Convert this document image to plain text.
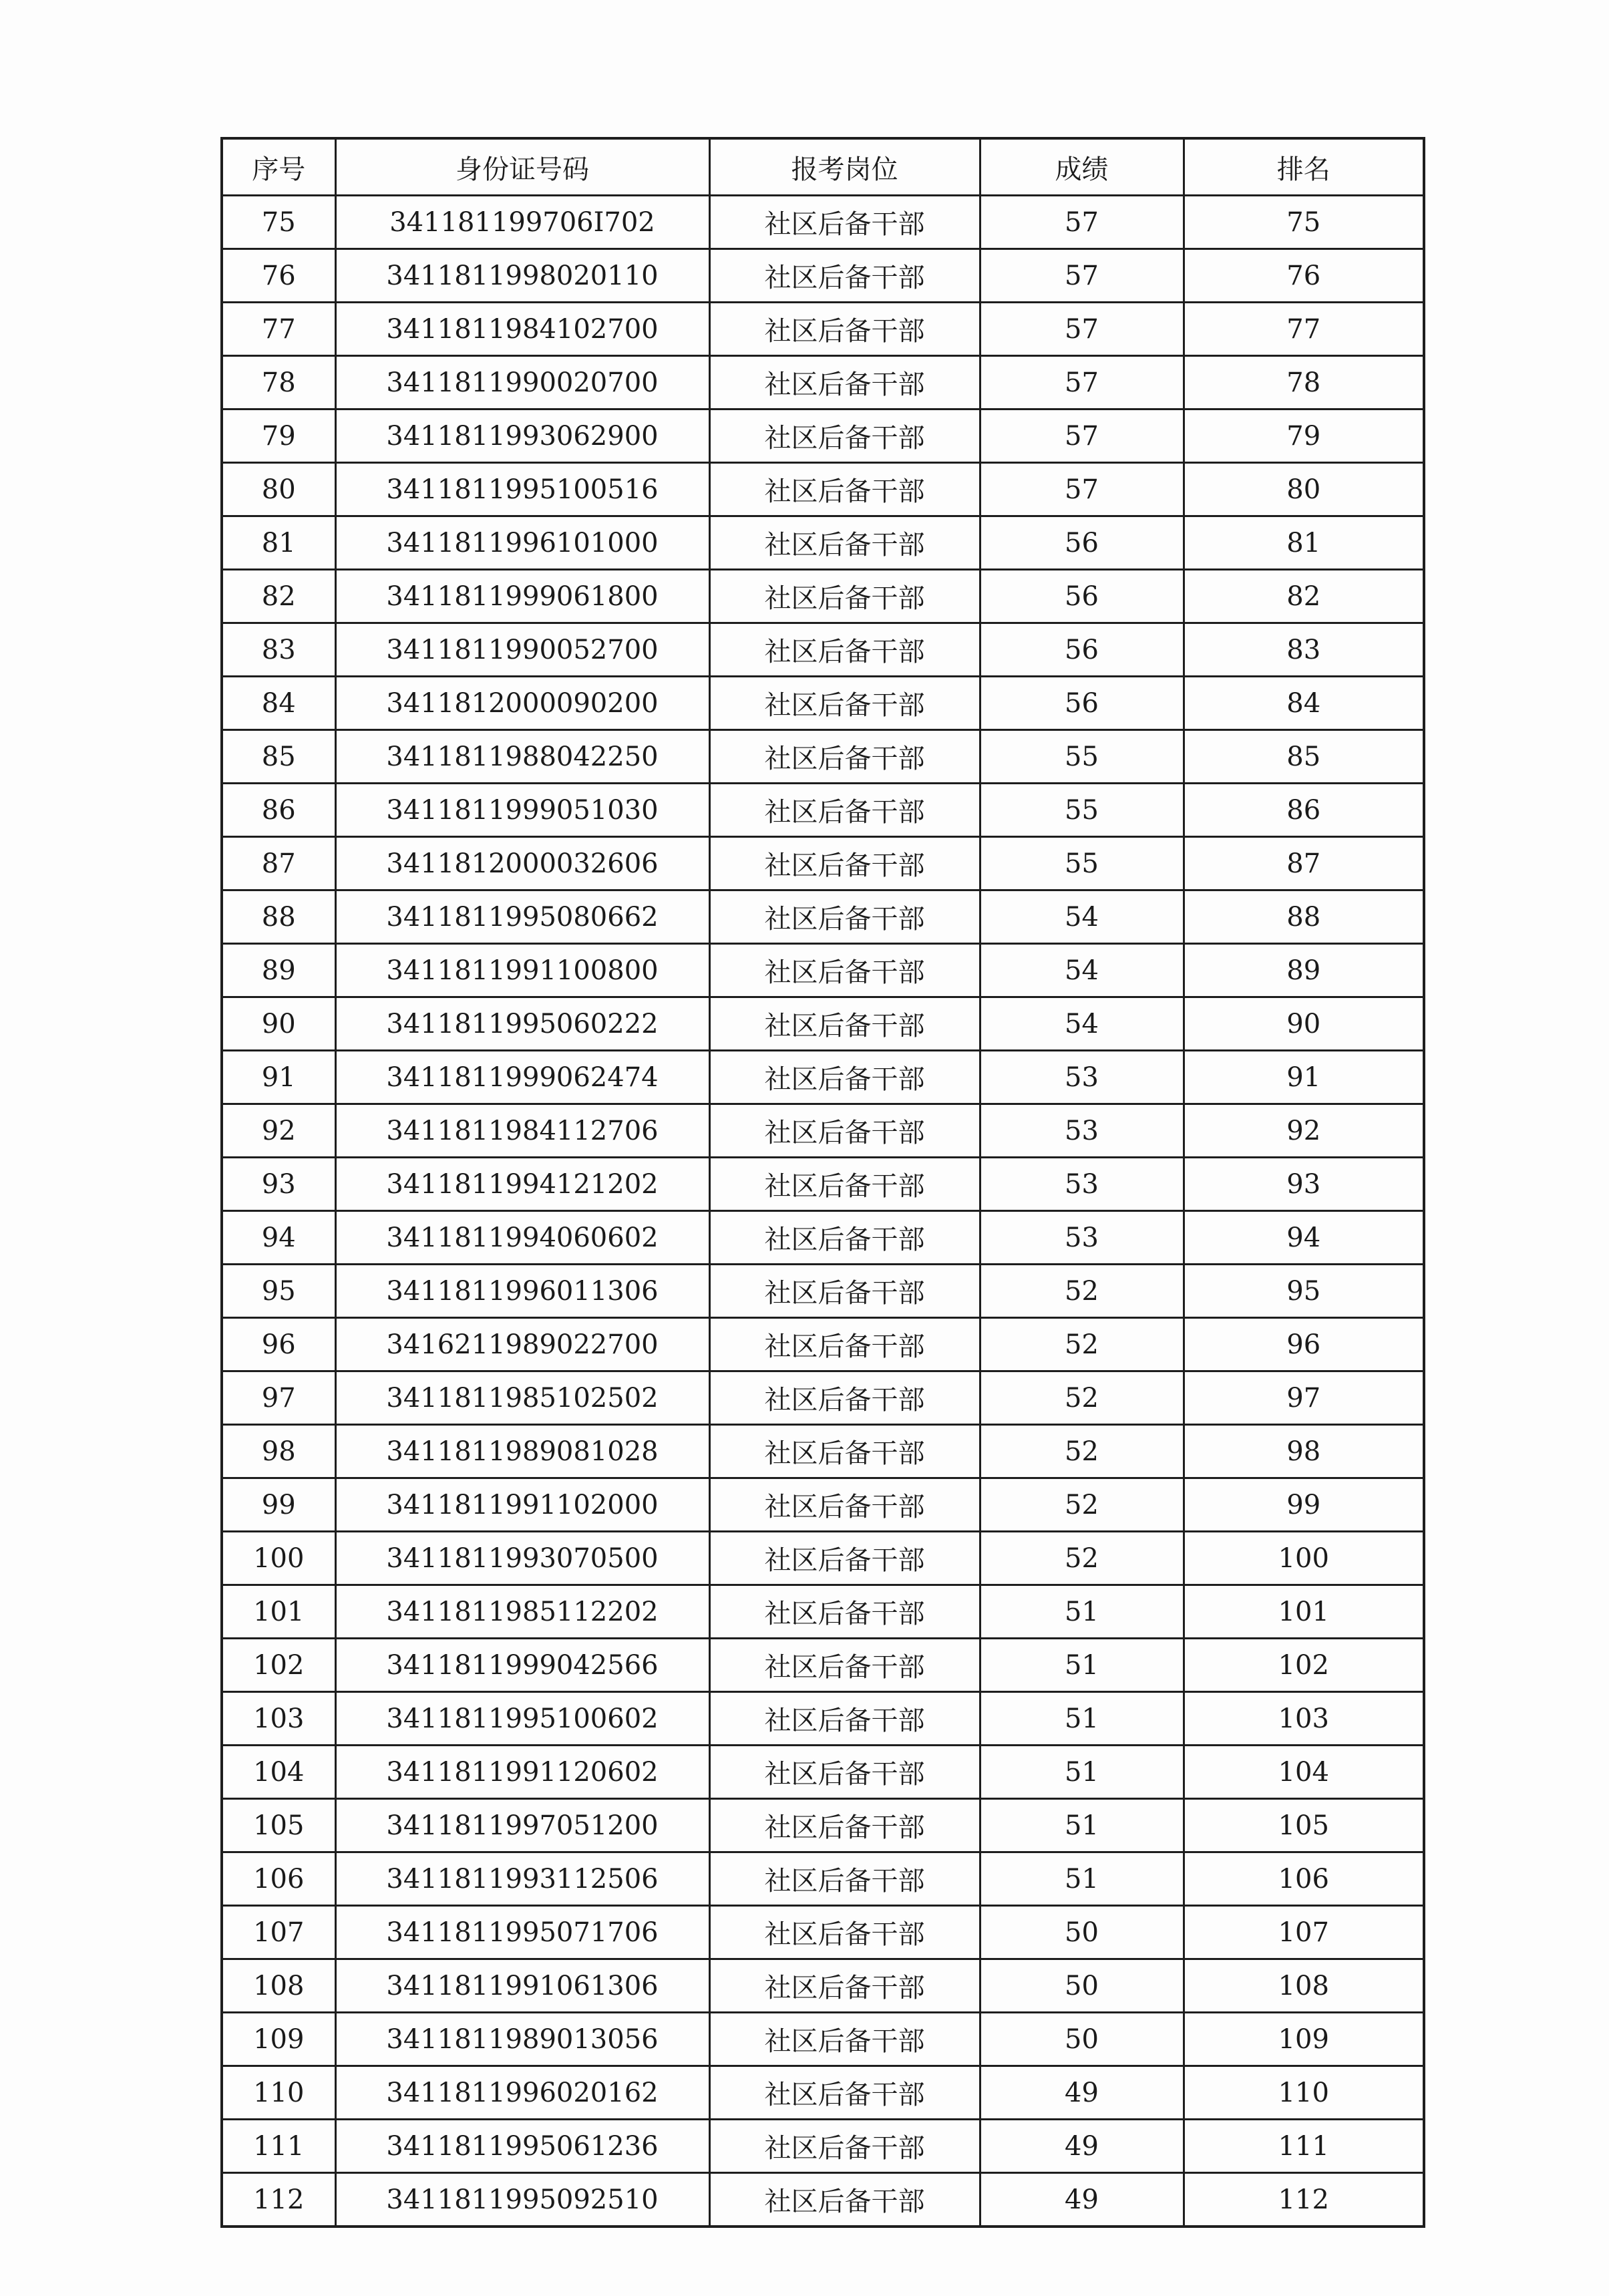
序号	身份证号码	报考岗位	成绩	排名
75	341181199706I702	社区后备干部	57	75
76	3411811998020110	社区后备干部	57	76
77	3411811984102700	社区后备干部	57	77
78	3411811990020700	社区后备干部	57	78
79	3411811993062900	社区后备干部	57	79
80	3411811995100516	社区后备干部	57	80
81	3411811996101000	社区后备干部	56	81
82	3411811999061800	社区后备干部	56	82
83	3411811990052700	社区后备干部	56	83
84	3411812000090200	社区后备干部	56	84
85	3411811988042250	社区后备干部	55	85
86	3411811999051030	社区后备干部	55	86
87	3411812000032606	社区后备干部	55	87
88	3411811995080662	社区后备干部	54	88
89	3411811991100800	社区后备干部	54	89
90	3411811995060222	社区后备干部	54	90
91	3411811999062474	社区后备干部	53	91
92	3411811984112706	社区后备干部	53	92
93	3411811994121202	社区后备干部	53	93
94	3411811994060602	社区后备干部	53	94
95	3411811996011306	社区后备干部	52	95
96	3416211989022700	社区后备干部	52	96
97	3411811985102502	社区后备干部	52	97
98	3411811989081028	社区后备干部	52	98
99	3411811991102000	社区后备干部	52	99
100	3411811993070500	社区后备干部	52	100
101	3411811985112202	社区后备干部	51	101
102	3411811999042566	社区后备干部	51	102
103	3411811995100602	社区后备干部	51	103
104	3411811991120602	社区后备干部	51	104
105	3411811997051200	社区后备干部	51	105
106	3411811993112506	社区后备干部	51	106
107	3411811995071706	社区后备干部	50	107
108	3411811991061306	社区后备干部	50	108
109	3411811989013056	社区后备干部	50	109
110	3411811996020162	社区后备干部	49	110
111	3411811995061236	社区后备干部	49	111
112	3411811995092510	社区后备干部	49	112
